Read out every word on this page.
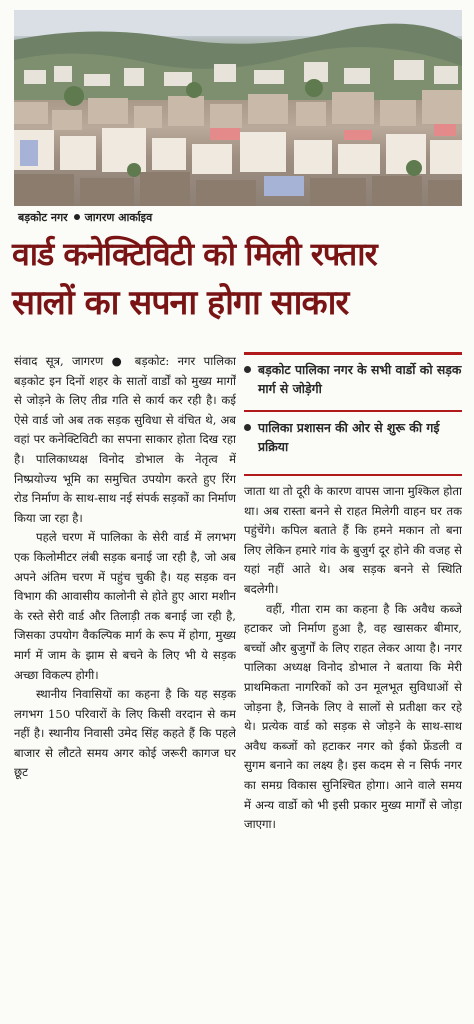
बड़कोट नगर जागरण आर्काइव
वार्ड कनेक्टिविटी को मिली रफ्तार
सालों का सपना होगा साकार

संवाद सूत्र, जागरण ● बड़कोट: नगर पालिका बड़कोट इन दिनों शहर के सातों वार्डों को मुख्य मार्गों से जोड़ने के लिए तीव्र गति से कार्य कर रही है। कई ऐसे वार्ड जो अब तक सड़क सुविधा से वंचित थे, अब वहां पर कनेक्टिविटी का सपना साकार होता दिख रहा है। पालिकाध्यक्ष विनोद डोभाल के नेतृत्व में निष्प्रयोज्य भूमि का समुचित उपयोग करते हुए रिंग रोड निर्माण के साथ-साथ नई संपर्क सड़कों का निर्माण किया जा रहा है।

पहले चरण में पालिका के सेरी वार्ड में लगभग एक किलोमीटर लंबी सड़क बनाई जा रही है, जो अब अपने अंतिम चरण में पहुंच चुकी है। यह सड़क वन विभाग की आवासीय कालोनी से होते हुए आरा मशीन के रस्ते सेरी वार्ड और तिलाड़ी तक बनाई जा रही है, जिसका उपयोग वैकल्पिक मार्ग के रूप में होगा, मुख्य मार्ग में जाम के झाम से बचने के लिए भी ये सड़क अच्छा विकल्प होगी।

स्थानीय निवासियों का कहना है कि यह सड़क लगभग 150 परिवारों के लिए किसी वरदान से कम नहीं है। स्थानीय निवासी उमेद सिंह कहते हैं कि पहले बाजार से लौटते समय अगर कोई जरूरी कागज घर छूट

बड़कोट पालिका नगर के सभी वार्डो को सड़क मार्ग से जोड़ेगी
पालिका प्रशासन की ओर से शुरू की गई प्रक्रिया

जाता था तो दूरी के कारण वापस जाना मुश्किल होता था। अब रास्ता बनने से राहत मिलेगी वाहन घर तक पहुंचेंगे। कपिल बताते हैं कि हमने मकान तो बना लिए लेकिन हमारे गांव के बुजुर्ग दूर होने की वजह से यहां नहीं आते थे। अब सड़क बनने से स्थिति बदलेगी।

वहीं, गीता राम का कहना है कि अवैध कब्जे हटाकर जो निर्माण हुआ है, वह खासकर बीमार, बच्चों और बुजुर्गों के लिए राहत लेकर आया है। नगर पालिका अध्यक्ष विनोद डोभाल ने बताया कि मेरी प्राथमिकता नागरिकों को उन मूलभूत सुविधाओं से जोड़ना है, जिनके लिए वे सालों से प्रतीक्षा कर रहे थे। प्रत्येक वार्ड को सड़क से जोड़ने के साथ-साथ अवैध कब्जों को हटाकर नगर को ईको फ्रेंडली व सुगम बनाने का लक्ष्य है। इस कदम से न सिर्फ नगर का समग्र विकास सुनिश्चित होगा। आने वाले समय में अन्य वार्डो को भी इसी प्रकार मुख्य मार्गों से जोड़ा जाएगा।
